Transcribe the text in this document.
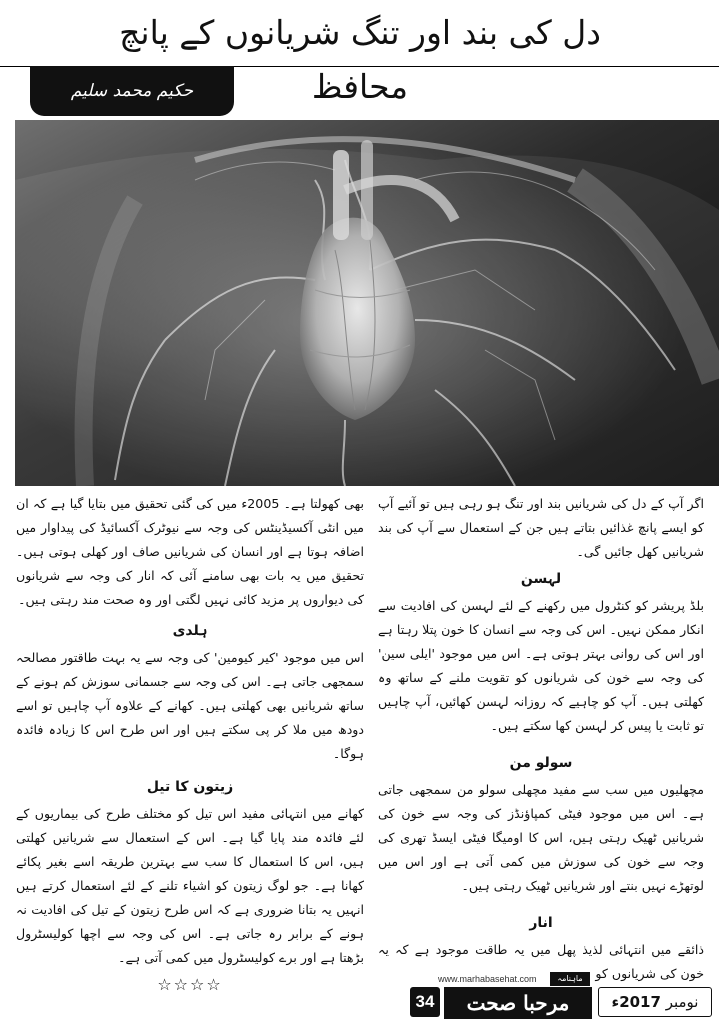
دل کی بند اور تنگ شریانوں کے پانچ محافظ
حکیم محمد سلیم

اگر آپ کے دل کی شریانیں بند اور تنگ ہو رہی ہیں تو آئیے آپ کو ایسے پانچ غذائیں بتاتے ہیں جن کے استعمال سے آپ کی بند شریانیں کھل جائیں گی۔

لہسن

بلڈ پریشر کو کنٹرول میں رکھنے کے لئے لہسن کی افادیت سے انکار ممکن نہیں۔ اس کی وجہ سے انسان کا خون پتلا رہتا ہے اور اس کی روانی بہتر ہوتی ہے۔ اس میں موجود 'ایلی سین' کی وجہ سے خون کی شریانوں کو تقویت ملنے کے ساتھ وہ کھلتی ہیں۔ آپ کو چاہیے کہ روزانہ لہسن کھائیں، آپ چاہیں تو ثابت یا پیس کر لہسن کھا سکتے ہیں۔

سولو من

مچھلیوں میں سب سے مفید مچھلی سولو من سمجھی جاتی ہے۔ اس میں موجود فیٹی کمپاؤنڈز کی وجہ سے خون کی شریانیں ٹھیک رہتی ہیں، اس کا اومیگا فیٹی ایسڈ تھری کی وجہ سے خون کی سوزش میں کمی آتی ہے اور اس میں لوتھڑے نہیں بنتے اور شریانیں ٹھیک رہتی ہیں۔

انار

ذائقے میں انتہائی لذیذ پھل میں یہ طاقت موجود ہے کہ یہ خون کی شریانوں کو

بھی کھولتا ہے۔ 2005ء میں کی گئی تحقیق میں بتایا گیا ہے کہ ان میں انٹی آکسیڈینٹس کی وجہ سے نیوٹرک آکسائیڈ کی پیداوار میں اضافہ ہوتا ہے اور انسان کی شریانیں صاف اور کھلی ہوتی ہیں۔ تحقیق میں یہ بات بھی سامنے آئی کہ انار کی وجہ سے شریانوں کی دیواروں پر مزید کائی نہیں لگتی اور وہ صحت مند رہتی ہیں۔

ہلدی

اس میں موجود 'کیر کیومین' کی وجہ سے یہ بہت طاقتور مصالحہ سمجھی جاتی ہے۔ اس کی وجہ سے جسمانی سوزش کم ہونے کے ساتھ شریانیں بھی کھلتی ہیں۔ کھانے کے علاوہ آپ چاہیں تو اسے دودھ میں ملا کر پی سکتے ہیں اور اس طرح اس کا زیادہ فائدہ ہوگا۔

زیتون کا تیل

کھانے میں انتہائی مفید اس تیل کو مختلف طرح کی بیماریوں کے لئے فائدہ مند پایا گیا ہے۔ اس کے استعمال سے شریانیں کھلتی ہیں، اس کا استعمال کا سب سے بہترین طریقہ اسے بغیر پکائے کھانا ہے۔ جو لوگ زیتون کو اشیاء تلنے کے لئے استعمال کرتے ہیں انہیں یہ بتانا ضروری ہے کہ اس طرح زیتون کے تیل کی افادیت نہ ہونے کے برابر رہ جاتی ہے۔ اس کی وجہ سے اچھا کولیسٹرول بڑھتا ہے اور برے کولیسٹرول میں کمی آتی ہے۔

☆☆☆☆	www.marhabasehat.com	ماہنامہ
مرحبا صحت	نومبر 2017ء
34
